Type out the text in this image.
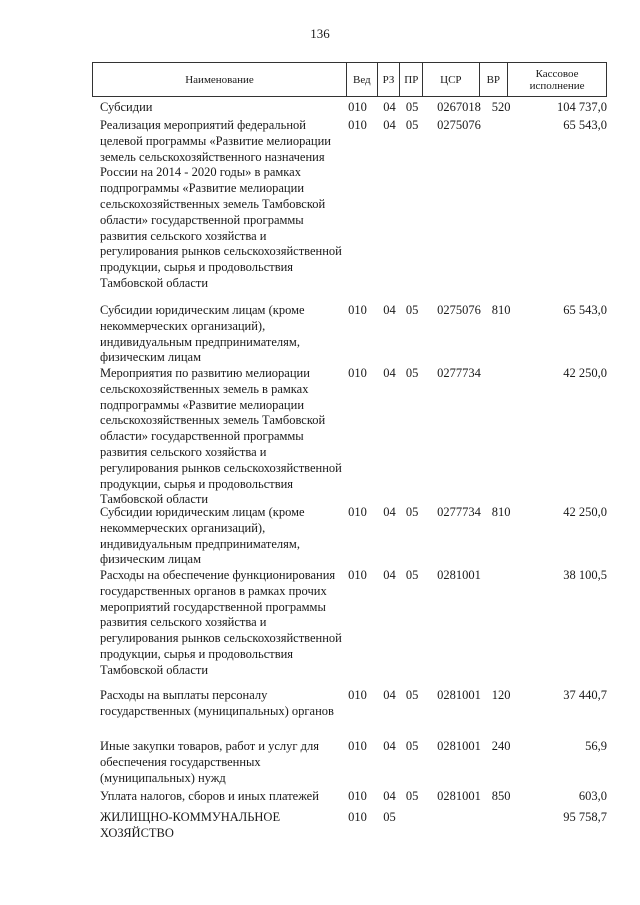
136
Наименование	Вед	РЗ ПР	ЦСР	ВР	Кассовое исполнение
Субсидии	010	04 05	0267018 520	104 737,0
Реализация мероприятий федеральной целевой программы «Развитие мелиорации земель сельскохозяйственного назначения России на 2014 - 2020 годы» в рамках подпрограммы «Развитие мелиорации сельскохозяйственных земель Тамбовской области» государственной программы развития сельского хозяйства и регулирования рынков сельскохозяйственной продукции, сырья и продовольствия Тамбовской области
010	04 05	0275076	65 543,0
Субсидии юридическим лицам (кроме некоммерческих организаций), индивидуальным предпринимателям, физическим лицам
010	04 05	0275076 810	65 543,0
Мероприятия по развитию мелиорации сельскохозяйственных земель в рамках подпрограммы «Развитие мелиорации сельскохозяйственных земель Тамбовской области» государственной программы развития сельского хозяйства и регулирования рынков сельскохозяйственной продукции, сырья и продовольствия Тамбовской области
010	04 05	0277734	42 250,0
Субсидии юридическим лицам (кроме некоммерческих организаций), индивидуальным предпринимателям, физическим лицам
010	04 05	0277734 810	42 250,0
Расходы на обеспечение функционирования государственных органов в рамках прочих мероприятий государственной программы развития сельского хозяйства и регулирования рынков сельскохозяйственной продукции, сырья и продовольствия Тамбовской области
010	04 05	0281001	38 100,5
Расходы на выплаты персоналу государственных (муниципальных) органов
010	04 05	0281001 120	37 440,7
Иные закупки товаров, работ и услуг для обеспечения государственных (муниципальных) нужд
010	04 05	0281001 240	56,9
Уплата налогов, сборов и иных платежей	010	04 05	0281001 850	603,0
ЖИЛИЩНО-КОММУНАЛЬНОЕ ХОЗЯЙСТВО
010	05	95 758,7
